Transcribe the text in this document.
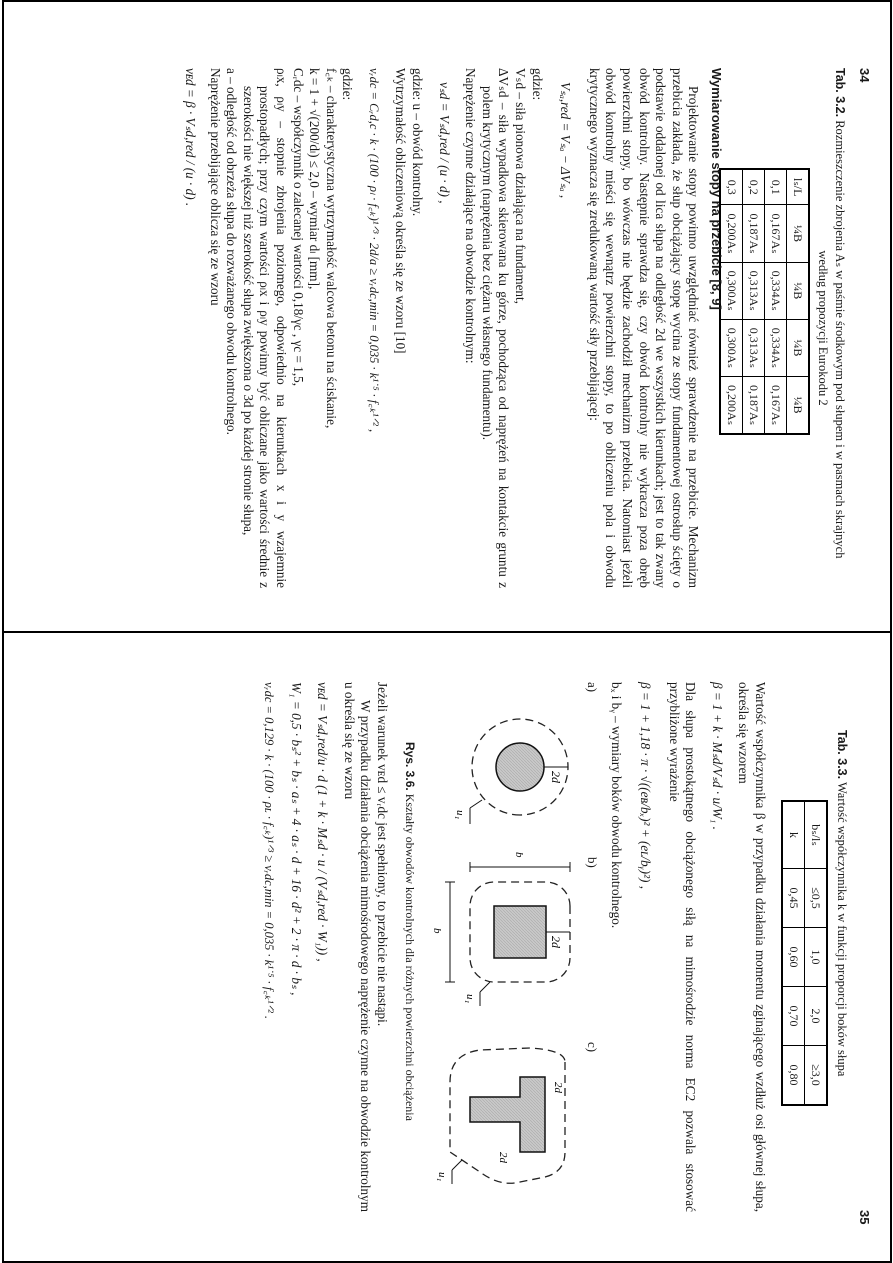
34
Tab. 3.2. Rozmieszczenie zbrojenia Aₛ w paśmie środkowym pod słupem i w pasmach skrajnych
według propozycji Eurokodu 2
lₛ/L	¼B	¼B	¼B	¼B
0,1	0,167Aₛ	0,334Aₛ	0,334Aₛ	0,167Aₛ
0,2	0,187Aₛ	0,313Aₛ	0,313Aₛ	0,187Aₛ
0,3	0,200Aₛ	0,300Aₛ	0,300Aₛ	0,200Aₛ
Wymiarowanie stopy na przebicie [8, 9]

Projektowanie stopy powinno uwzględniać również sprawdzenie na przebicie. Mechanizm przebicia zakłada, że słup obciążający stopę wycina ze stopy fundamentowej ostrosłup ścięty o podstawie oddalonej od lica słupa na odległość 2d we wszystkich kierunkach; jest to tak zwany obwód kontrolny. Następnie sprawdza się, czy obwód kontrolny nie wykracza poza obręb powierzchni stopy, bo wówczas nie będzie zachodził mechanizm przebicia. Natomiast jeżeli obwód kontrolny mieści się wewnątrz powierzchni stopy, to po obliczeniu pola i obwodu krytycznego wyznacza się zredukowaną wartość siły przebijającej:

Vₛₐ,red = Vₛₐ − ΔVₛₐ ,

gdzie:

Vₛd – siła pionowa działająca na fundament,

ΔVₛd – siła wypadkowa skierowana ku górze, pochodząca od naprężeń na kontakcie gruntu z polem krytycznym (naprężenia bez ciężaru własnego fundamentu).

Naprężenie czynne działające na obwodzie kontrolnym:

vₛd = Vₛd,red / (u · d) ,

gdzie: u – obwód kontrolny.

Wytrzymałość obliczeniową określa się ze wzoru [10]

vᵣdc = Cᵣd,c · k · (100 · ρₗ · f꜀ₖ)¹ᐟ³ · 2d/a ≥ vᵣdc,min = 0,035 · k¹˙⁵ · f꜀ₖ¹ᐟ² ,

gdzie:

f꜀ₖ – charakterystyczna wytrzymałość walcowa betonu na ściskanie,

k = 1 + √(200/dₗ) ≤ 2,0 – wymiar dₗ [mm],

Cᵣdc – współczynnik o zalecanej wartości 0,18/γc , γc = 1,5,

ρₗx, ρₗy – stopnie zbrojenia poziomego, odpowiednio na kierunkach x i y wzajemnie prostopadłych; przy czym wartości ρₗx i ρₗy powinny być obliczane jako wartości średnie z szerokości nie większej niż szerokość słupa zwiększona o 3d po każdej stronie słupa,

a – odległość od obrzeża słupa do rozważanego obwodu kontrolnego.

Naprężenie przebijające oblicza się ze wzoru

vᴇd = β · Vₛd,red / (u · d) .

35
Tab. 3.3. Wartość współczynnika k w funkcji proporcji boków słupa
bₛ/lₛ	≤0,5	1,0	2,0	≥3,0
k	0,45	0,60	0,70	0,80

Wartość współczynnika β w przypadku działania momentu zginającego wzdłuż osi głównej słupa, określa się wzorem

β = 1 + k · Mₛd/Vₛd · u/W₁ .

Dla słupa prostokątnego obciążonego siłą na mimośrodzie norma EC2 pozwala stosować przybliżone wyrażenie

β = 1 + 1,18 · π · √((eʙ/bₓ)² + (eʟ/bᵧ)²) ,

bₓ i bᵧ – wymiary boków obwodu kontrolnego.

a)
b)
c)
2d
u₁
2d
b
b
u₁
2d
2d
u₁
Rys. 3.6. Kształty obwodów kontrolnych dla różnych powierzchni obciążenia

Jeżeli warunek vᴇd ≤ vᵣdc jest spełniony, to przebicie nie nastąpi.

W przypadku działania obciążenia mimośrodowego naprężenie czynne na obwodzie kontrolnym u określa się ze wzoru

vᴇd = Vₛd,red/u · d (1 + k · Mₛd · u / (Vₛd,red · W₁)) ,

W₁ = 0,5 · bₛ² + bₛ · aₛ + 4 · aₛ · d + 16 · d² + 2 · π · d · bₛ ,

vᵣdc = 0,129 · k · (100 · ρʟ · f꜀ₖ)¹ᐟ³ ≥ vᵣdc,min = 0,035 · k¹˙⁵ · f꜀ₖ¹ᐟ² .
